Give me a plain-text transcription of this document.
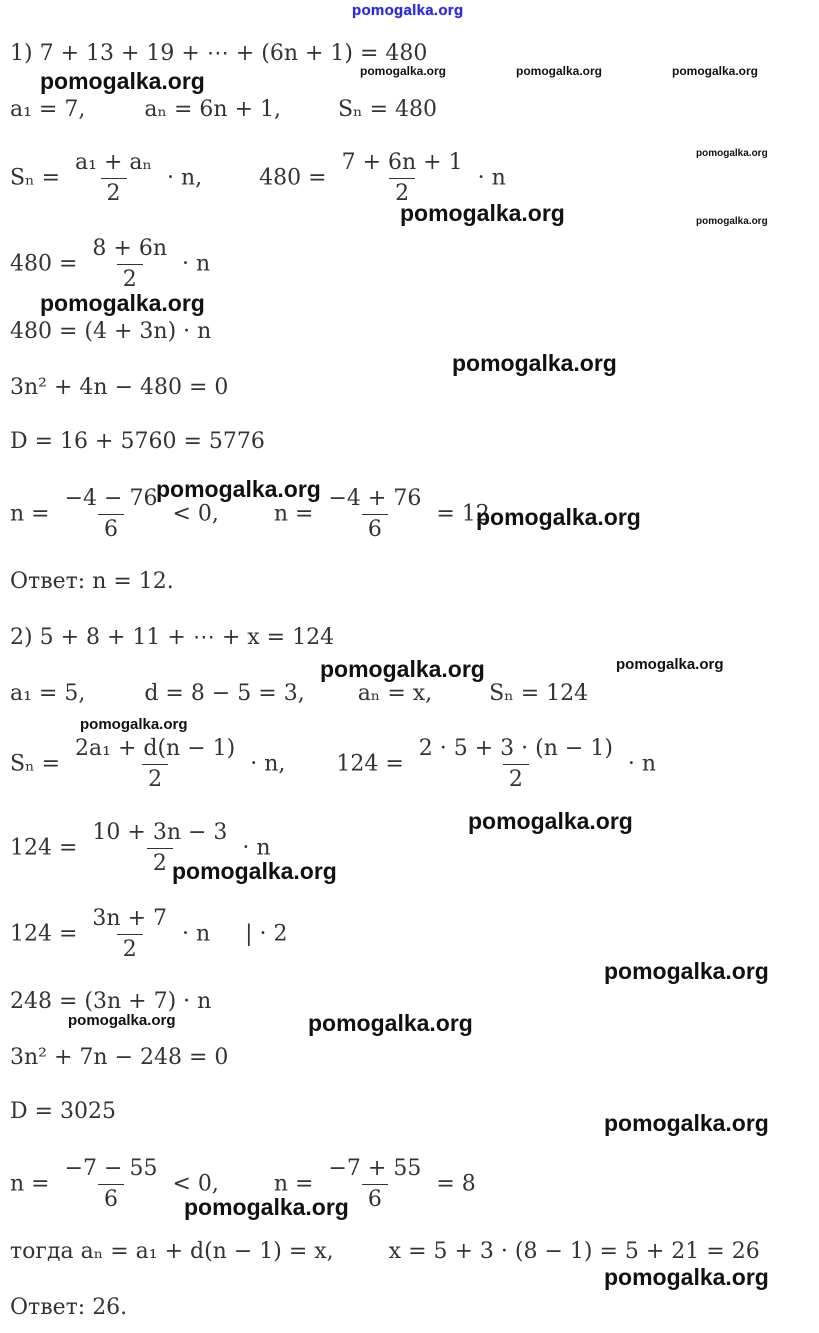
pomogalka.org
1) 7 + 13 + 19 + ⋯ + (6n + 1) = 480
a₁ = 7,	aₙ = 6n + 1,	Sₙ = 480
$S_n = \frac{\text{a₁ + aₙ}}{2} \cdot n$,	$480 = \frac{7 + 6n + 1}{2} \cdot n$
$480 = \frac{8 + 6n}{2} \cdot n$
480 = (4 + 3n) · n
3n² + 4n − 480 = 0
D = 16 + 5760 = 5776
$n = \frac{-4 - 76}{6} < 0$,	$n = \frac{-4 + 76}{6} = 12$
Ответ: n = 12.
2) 5 + 8 + 11 + ⋯ + x = 124
a₁ = 5,	d = 8 − 5 = 3, aₙ = x,	Sₙ = 124
$S_n = \frac{\text{2a₁ + d(n − 1)}}{2} \cdot n$, $124 = \frac{2 \cdot 5 + 3 \cdot (n - 1)}{2} \cdot n$
$124 = \frac{10 + 3n - 3}{2} \cdot n$
$124 = \frac{3n + 7}{2} \cdot n$     | · 2
248 = (3n + 7) · n
3n² + 7n − 248 = 0
D = 3025
$n = \frac{-7 - 55}{6} < 0$,	$n = \frac{-7 + 55}{6} = 8$
тогда aₙ = a₁ + d(n − 1) = x,	x = 5 + 3 · (8 − 1) = 5 + 21 = 26
Ответ: 26.
pomogalka.org	pomogalka.org	pomogalka.org	pomogalka.org
pomogalka.org
pomogalka.org	pomogalka.org
pomogalka.org
pomogalka.org
pomogalka.org
pomogalka.org
pomogalka.org	pomogalka.org
pomogalka.org
pomogalka.org
pomogalka.org
pomogalka.org
pomogalka.org	pomogalka.org
pomogalka.org
pomogalka.org
pomogalka.org
